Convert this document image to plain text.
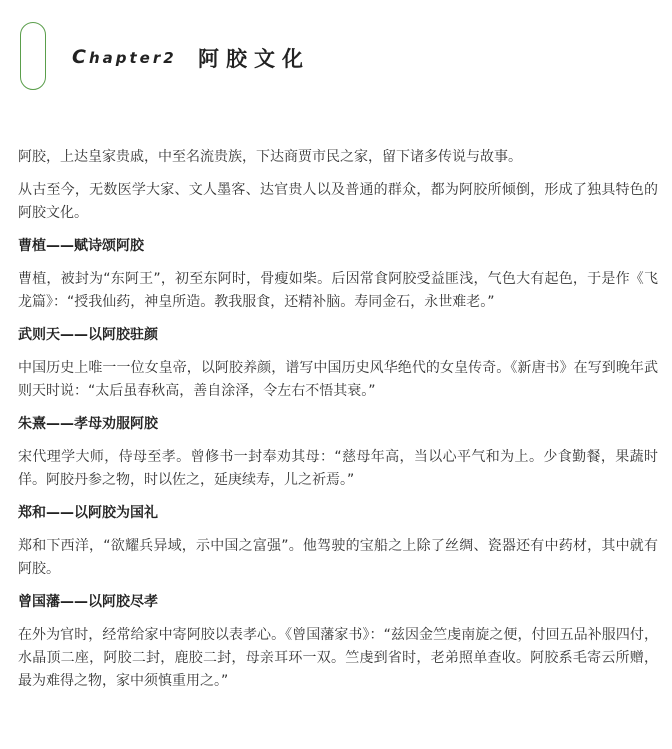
Chapter2 阿胶文化

阿胶，上达皇家贵戚，中至名流贵族，下达商贾市民之家，留下诸多传说与故事。

从古至今，无数医学大家、文人墨客、达官贵人以及普通的群众，都为阿胶所倾倒，形成了独具特色的阿胶文化。

曹植——赋诗颂阿胶

曹植，被封为“东阿王”，初至东阿时，骨瘦如柴。后因常食阿胶受益匪浅，气色大有起色，于是作《飞龙篇》：“授我仙药，神皇所造。教我服食，还精补脑。寿同金石，永世难老。”

武则天——以阿胶驻颜

中国历史上唯一一位女皇帝，以阿胶养颜，谱写中国历史风华绝代的女皇传奇。《新唐书》在写到晚年武则天时说：“太后虽春秋高，善自涂泽，令左右不悟其衰。”

朱熹——孝母劝服阿胶

宋代理学大师，侍母至孝。曾修书一封奉劝其母：“慈母年高，当以心平气和为上。少食勤餐，果蔬时佯。阿胶丹参之物，时以佐之，延庚续寿，儿之祈焉。”

郑和——以阿胶为国礼

郑和下西洋，“欲耀兵异域，示中国之富强”。他驾驶的宝船之上除了丝绸、瓷器还有中药材，其中就有阿胶。

曾国藩——以阿胶尽孝

在外为官时，经常给家中寄阿胶以表孝心。《曾国藩家书》：“兹因金竺虔南旋之便，付回五品补服四付，水晶顶二座，阿胶二封，鹿胶二封，母亲耳环一双。竺虔到省时，老弟照单查收。阿胶系毛寄云所赠，最为难得之物，家中须慎重用之。”
